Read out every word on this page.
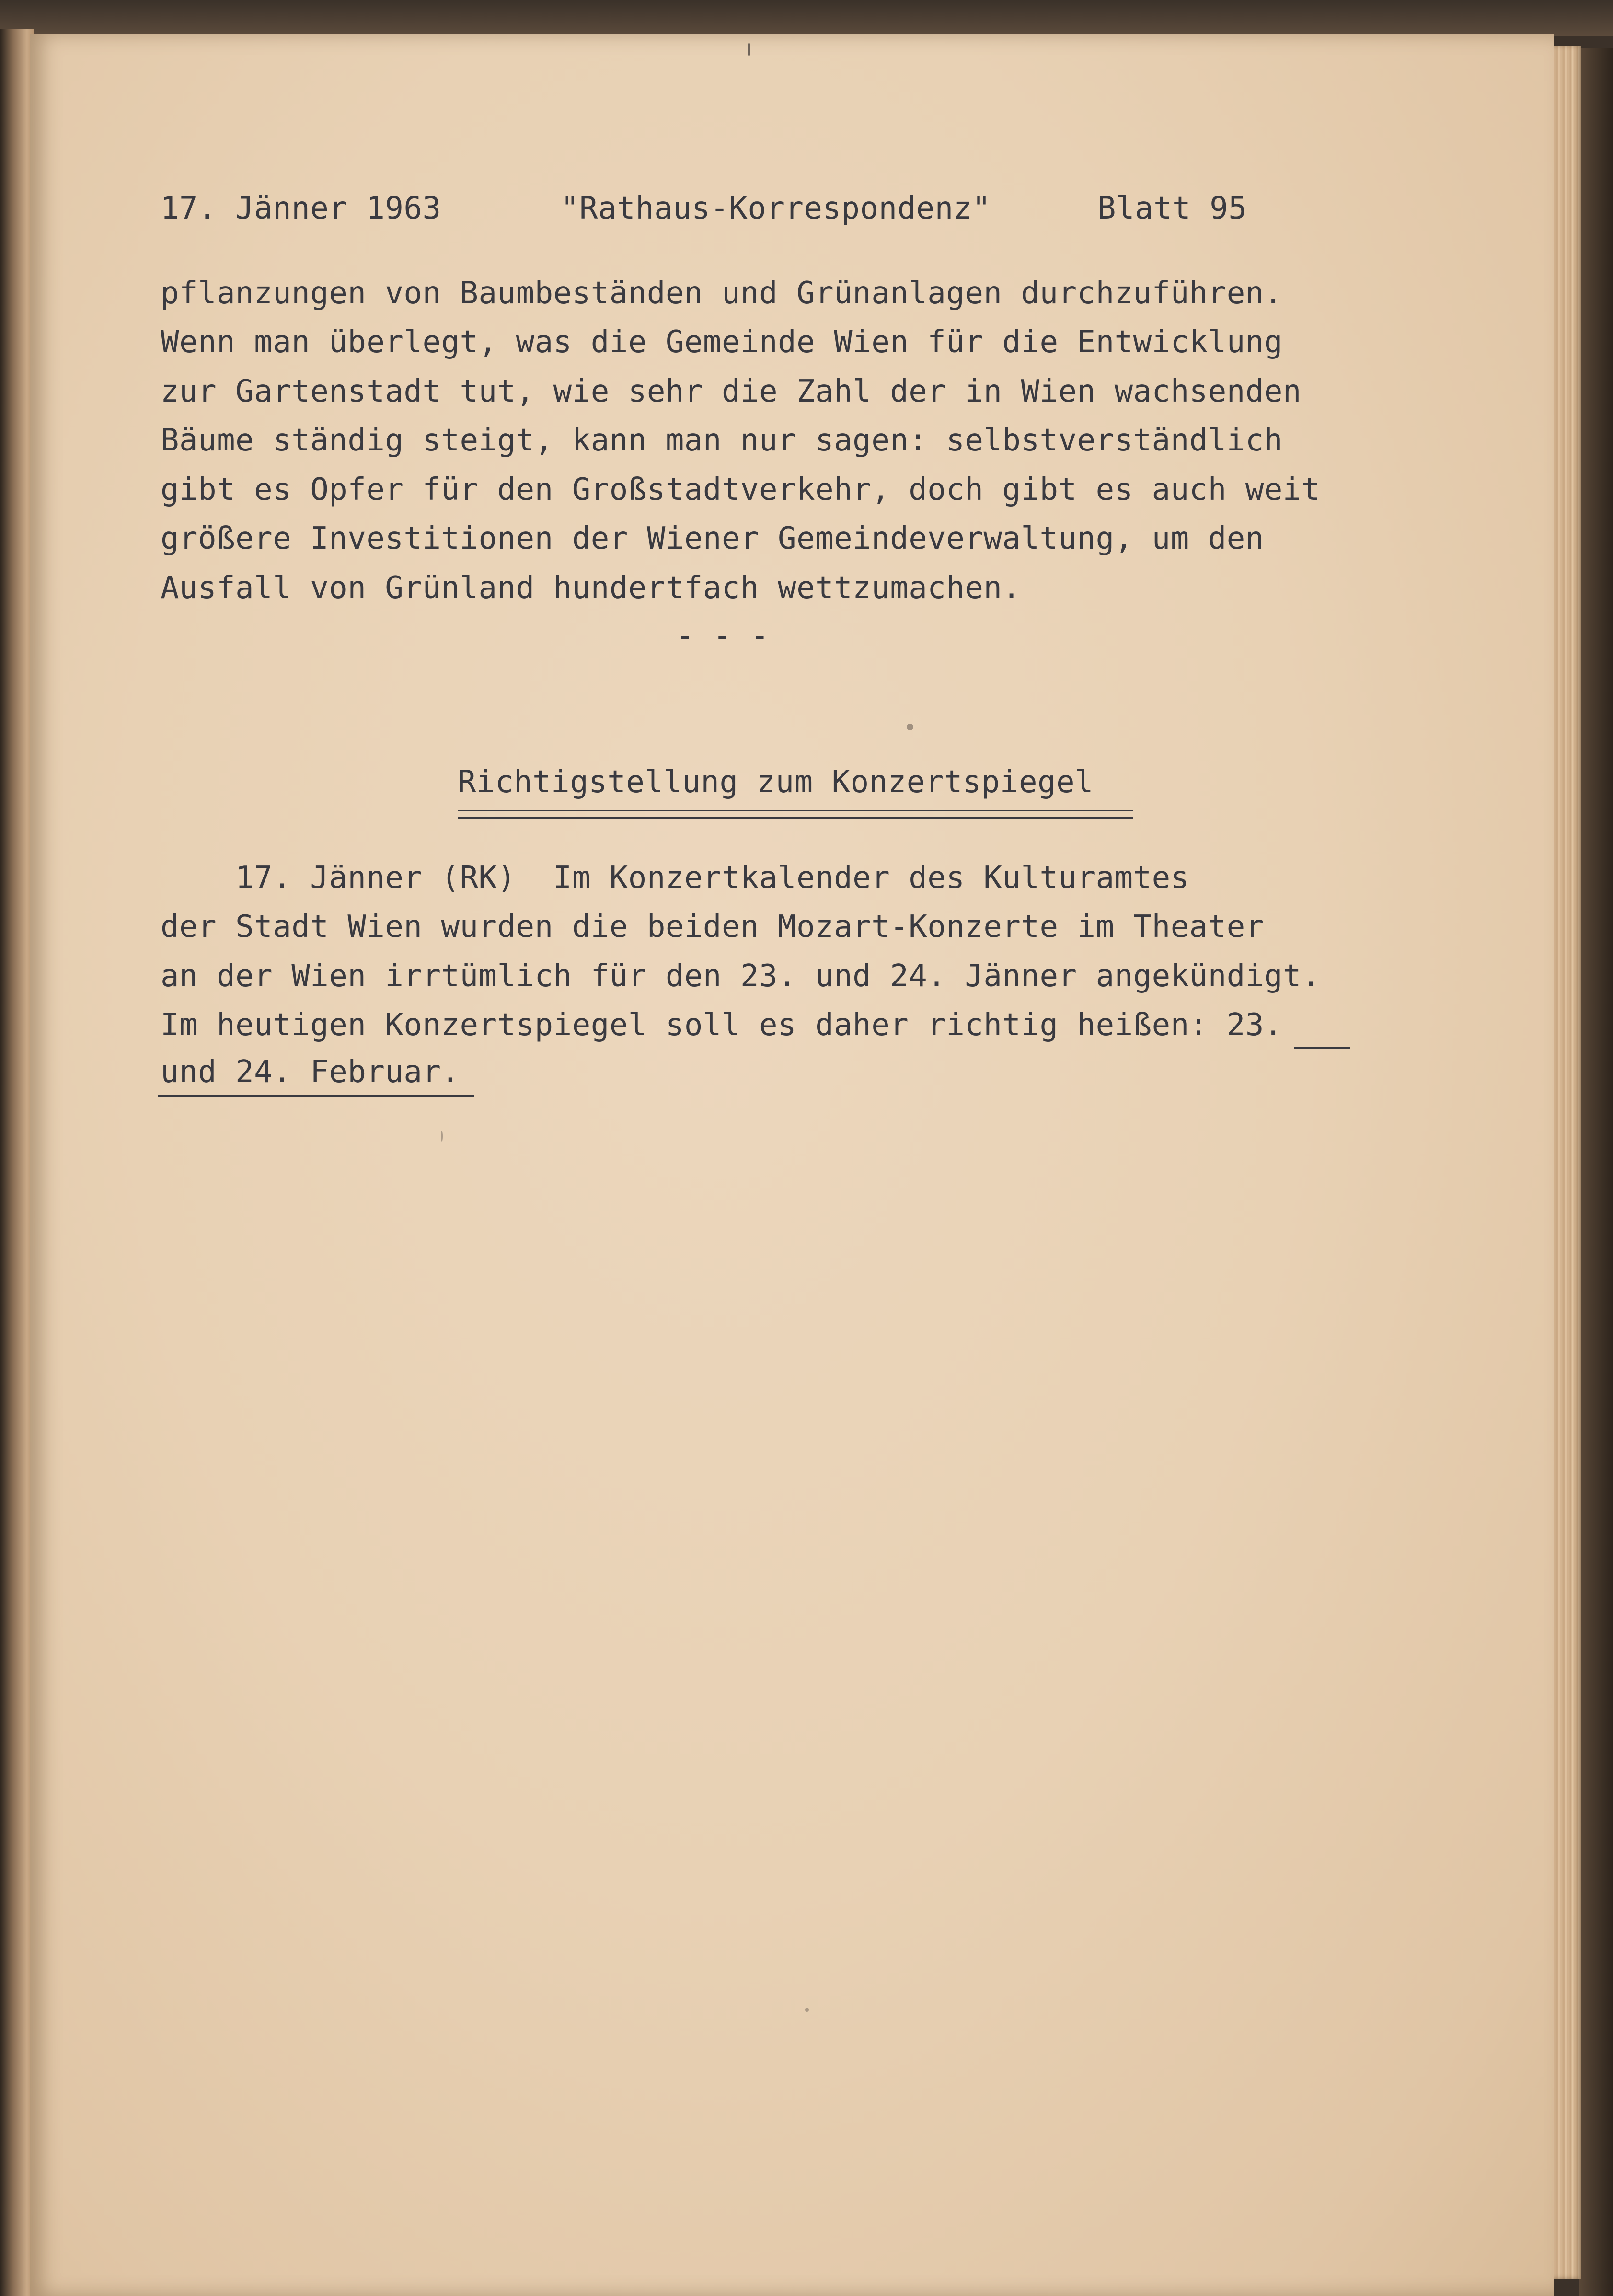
17. Jänner 1963	"Rathaus-Korrespondenz"	Blatt 95
pflanzungen von Baumbeständen und Grünanlagen durchzuführen.
Wenn man überlegt, was die Gemeinde Wien für die Entwicklung
zur Gartenstadt tut, wie sehr die Zahl der in Wien wachsenden
Bäume ständig steigt, kann man nur sagen: selbstverständlich
gibt es Opfer für den Großstadtverkehr, doch gibt es auch weit
größere Investitionen der Wiener Gemeindeverwaltung, um den
Ausfall von Grünland hundertfach wettzumachen.
- - -
Richtigstellung zum Konzertspiegel
17. Jänner (RK)  Im Konzertkalender des Kulturamtes
der Stadt Wien wurden die beiden Mozart-Konzerte im Theater
an der Wien irrtümlich für den 23. und 24. Jänner angekündigt.
Im heutigen Konzertspiegel soll es daher richtig heißen: 23.
und 24. Februar.
